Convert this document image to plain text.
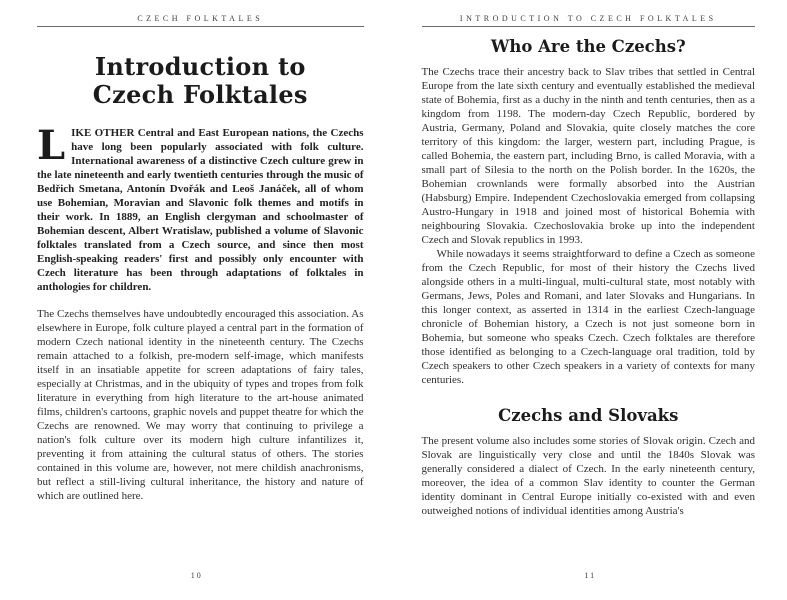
CZECH FOLKTALES
Introduction to
Czech Folktales

LIKE OTHER Central and East European nations, the Czechs have long been popularly associated with folk culture. International awareness of a distinctive Czech culture grew in the late nineteenth and early twentieth centuries through the music of Bedřich Smetana, Antonín Dvořák and Leoš Janáček, all of whom use Bohemian, Moravian and Slavonic folk themes and motifs in their work. In 1889, an English clergyman and schoolmaster of Bohemian descent, Albert Wratislaw, published a volume of Slavonic folktales translated from a Czech source, and since then most English-speaking readers' first and possibly only encounter with Czech literature has been through adaptations of folktales in anthologies for children.

The Czechs themselves have undoubtedly encouraged this association. As elsewhere in Europe, folk culture played a central part in the formation of modern Czech national identity in the nineteenth century. The Czechs remain attached to a folkish, pre-modern self-image, which manifests itself in an insatiable appetite for screen adaptations of fairy tales, especially at Christmas, and in the ubiquity of types and tropes from folk literature in everything from high literature to the art-house animated films, children's cartoons, graphic novels and puppet theatre for which the Czechs are renowned. We may worry that continuing to privilege a nation's folk culture over its modern high culture infantilizes it, preventing it from attaining the cultural status of others. The stories contained in this volume are, however, not mere childish anachronisms, but reflect a still-living cultural inheritance, the history and nature of which are outlined here.

10
INTRODUCTION TO CZECH FOLKTALES
Who Are the Czechs?

The Czechs trace their ancestry back to Slav tribes that settled in Central Europe from the late sixth century and eventually established the medieval state of Bohemia, first as a duchy in the ninth and tenth centuries, then as a kingdom from 1198. The modern-day Czech Republic, bordered by Austria, Germany, Poland and Slovakia, quite closely matches the core territory of this kingdom: the larger, western part, including Prague, is called Bohemia, the eastern part, including Brno, is called Moravia, with a small part of Silesia to the north on the Polish border. In the 1620s, the Bohemian crownlands were formally absorbed into the Austrian (Habsburg) Empire. Independent Czechoslovakia emerged from collapsing Austro-Hungary in 1918 and joined most of historical Bohemia with neighbouring Slovakia. Czechoslovakia broke up into the independent Czech and Slovak republics in 1993.

While nowadays it seems straightforward to define a Czech as someone from the Czech Republic, for most of their history the Czechs lived alongside others in a multi-lingual, multi-cultural state, most notably with Germans, Jews, Poles and Romani, and later Slovaks and Hungarians. In this longer context, as asserted in 1314 in the earliest Czech-language chronicle of Bohemian history, a Czech is not just someone born in Bohemia, but someone who speaks Czech. Czech folktales are therefore those identified as belonging to a Czech-language oral tradition, told by Czech speakers to other Czech speakers in a variety of contexts for many centuries.

Czechs and Slovaks

The present volume also includes some stories of Slovak origin. Czech and Slovak are linguistically very close and until the 1840s Slovak was generally considered a dialect of Czech. In the early nineteenth century, moreover, the idea of a common Slav identity to counter the German identity dominant in Central Europe initially co-existed with and even outweighed notions of individual identities among Austria's

11
